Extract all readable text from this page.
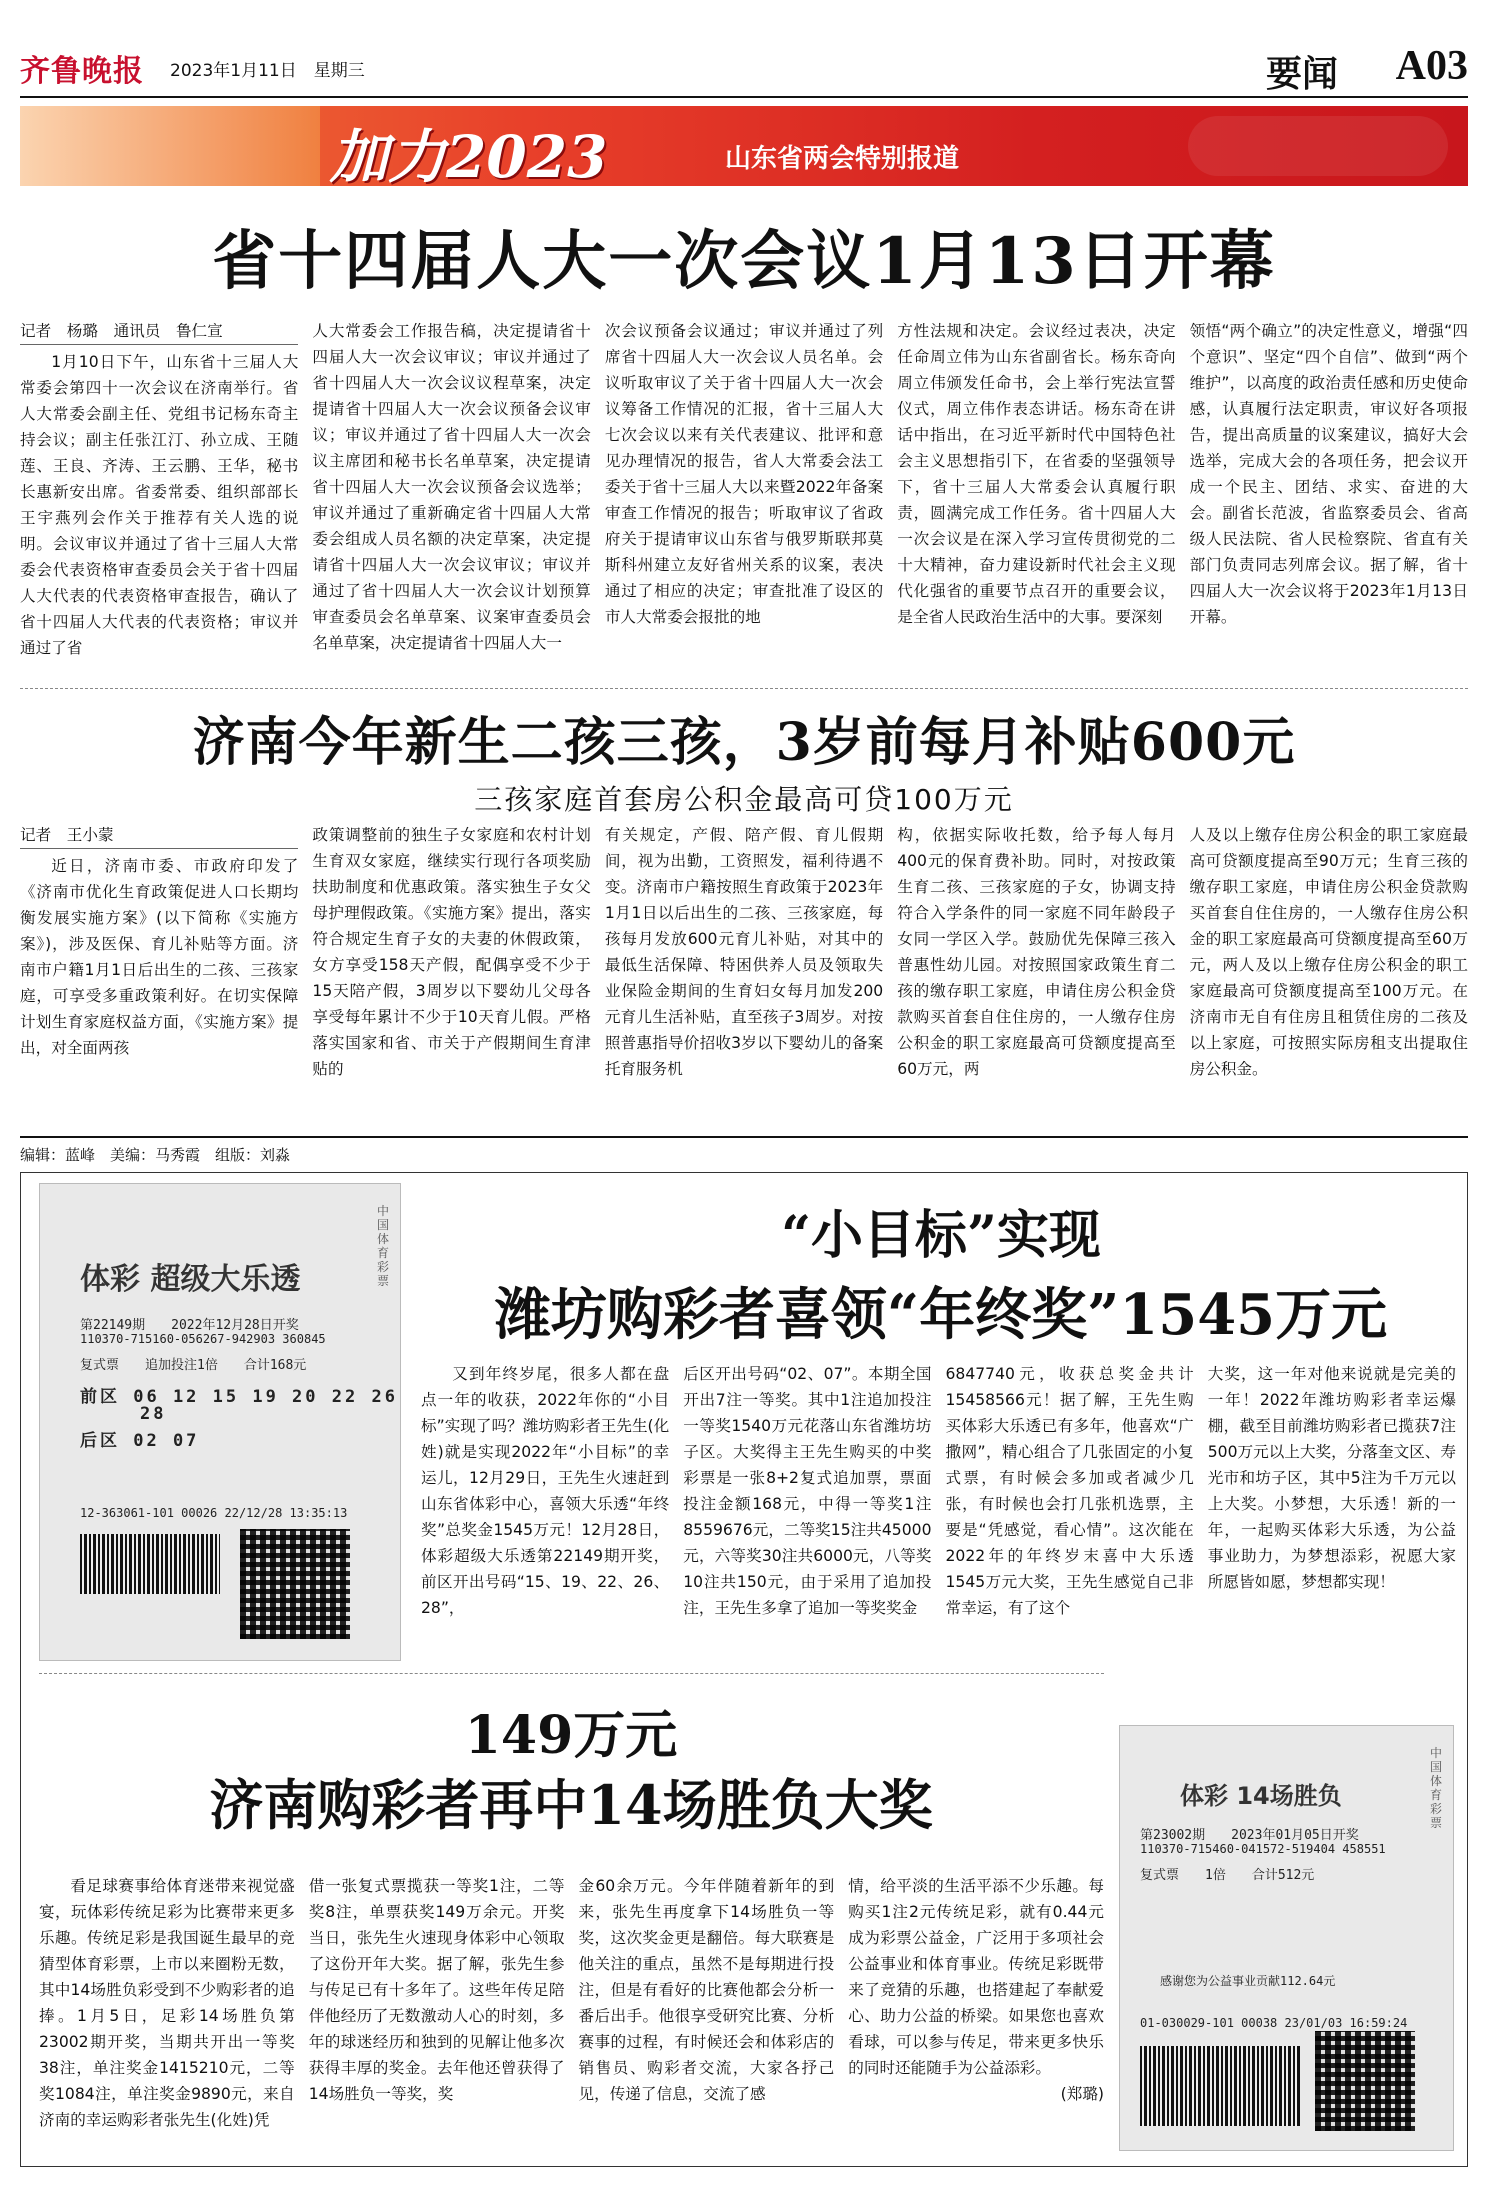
齐鲁晚报 2023年1月11日　星期三	要闻 A03
加力2023	山东省两会特别报道
省十四届人大一次会议1月13日开幕
记者　杨璐　通讯员　鲁仁宣

1月10日下午，山东省十三届人大常委会第四十一次会议在济南举行。省人大常委会副主任、党组书记杨东奇主持会议；副主任张江汀、孙立成、王随莲、王良、齐涛、王云鹏、王华，秘书长惠新安出席。省委常委、组织部部长王宇燕列会作关于推荐有关人选的说明。会议审议并通过了省十三届人大常委会代表资格审查委员会关于省十四届人大代表的代表资格审查报告，确认了省十四届人大代表的代表资格；审议并通过了省

人大常委会工作报告稿，决定提请省十四届人大一次会议审议；审议并通过了省十四届人大一次会议议程草案，决定提请省十四届人大一次会议预备会议审议；审议并通过了省十四届人大一次会议主席团和秘书长名单草案，决定提请省十四届人大一次会议预备会议选举；审议并通过了重新确定省十四届人大常委会组成人员名额的决定草案，决定提请省十四届人大一次会议审议；审议并通过了省十四届人大一次会议计划预算审查委员会名单草案、议案审查委员会名单草案，决定提请省十四届人大一

次会议预备会议通过；审议并通过了列席省十四届人大一次会议人员名单。会议听取审议了关于省十四届人大一次会议筹备工作情况的汇报，省十三届人大七次会议以来有关代表建议、批评和意见办理情况的报告，省人大常委会法工委关于省十三届人大以来暨2022年备案审查工作情况的报告；听取审议了省政府关于提请审议山东省与俄罗斯联邦莫斯科州建立友好省州关系的议案，表决通过了相应的决定；审查批准了设区的市人大常委会报批的地

方性法规和决定。会议经过表决，决定任命周立伟为山东省副省长。杨东奇向周立伟颁发任命书，会上举行宪法宣誓仪式，周立伟作表态讲话。杨东奇在讲话中指出，在习近平新时代中国特色社会主义思想指引下，在省委的坚强领导下，省十三届人大常委会认真履行职责，圆满完成工作任务。省十四届人大一次会议是在深入学习宣传贯彻党的二十大精神，奋力建设新时代社会主义现代化强省的重要节点召开的重要会议，是全省人民政治生活中的大事。要深刻

领悟“两个确立”的决定性意义，增强“四个意识”、坚定“四个自信”、做到“两个维护”，以高度的政治责任感和历史使命感，认真履行法定职责，审议好各项报告，提出高质量的议案建议，搞好大会选举，完成大会的各项任务，把会议开成一个民主、团结、求实、奋进的大会。副省长范波，省监察委员会、省高级人民法院、省人民检察院、省直有关部门负责同志列席会议。据了解，省十四届人大一次会议将于2023年1月13日开幕。

济南今年新生二孩三孩，3岁前每月补贴600元
三孩家庭首套房公积金最高可贷100万元
记者　王小蒙

近日，济南市委、市政府印发了《济南市优化生育政策促进人口长期均衡发展实施方案》(以下简称《实施方案》)，涉及医保、育儿补贴等方面。济南市户籍1月1日后出生的二孩、三孩家庭，可享受多重政策利好。在切实保障计划生育家庭权益方面，《实施方案》提出，对全面两孩

政策调整前的独生子女家庭和农村计划生育双女家庭，继续实行现行各项奖励扶助制度和优惠政策。落实独生子女父母护理假政策。《实施方案》提出，落实符合规定生育子女的夫妻的休假政策，女方享受158天产假，配偶享受不少于15天陪产假，3周岁以下婴幼儿父母各享受每年累计不少于10天育儿假。严格落实国家和省、市关于产假期间生育津贴的

有关规定，产假、陪产假、育儿假期间，视为出勤，工资照发，福利待遇不变。济南市户籍按照生育政策于2023年1月1日以后出生的二孩、三孩家庭，每孩每月发放600元育儿补贴，对其中的最低生活保障、特困供养人员及领取失业保险金期间的生育妇女每月加发200元育儿生活补贴，直至孩子3周岁。对按照普惠指导价招收3岁以下婴幼儿的备案托育服务机

构，依据实际收托数，给予每人每月400元的保育费补助。同时，对按政策生育二孩、三孩家庭的子女，协调支持符合入学条件的同一家庭不同年龄段子女同一学区入学。鼓励优先保障三孩入普惠性幼儿园。对按照国家政策生育二孩的缴存职工家庭，申请住房公积金贷款购买首套自住住房的，一人缴存住房公积金的职工家庭最高可贷额度提高至60万元，两

人及以上缴存住房公积金的职工家庭最高可贷额度提高至90万元；生育三孩的缴存职工家庭，申请住房公积金贷款购买首套自住住房的，一人缴存住房公积金的职工家庭最高可贷额度提高至60万元，两人及以上缴存住房公积金的职工家庭最高可贷额度提高至100万元。在济南市无自有住房且租赁住房的二孩及以上家庭，可按照实际房租支出提取住房公积金。

编辑：蓝峰　美编：马秀霞　组版：刘淼
体彩 超级大乐透
第22149期　　2022年12月28日开奖
110370-715160-056267-942903 360845
复式票　　追加投注1倍　　合计168元
前区 06 12 15 19 20 22 26
28
后区 02 07
12-363061-101 00026 22/12/28 13:35:13
中国体育彩票
“小目标”实现
潍坊购彩者喜领“年终奖”1545万元

又到年终岁尾，很多人都在盘点一年的收获，2022年你的“小目标”实现了吗？潍坊购彩者王先生(化姓)就是实现2022年“小目标”的幸运儿，12月29日，王先生火速赶到山东省体彩中心，喜领大乐透“年终奖”总奖金1545万元！12月28日，体彩超级大乐透第22149期开奖，前区开出号码“15、19、22、26、28”，

后区开出号码“02、07”。本期全国开出7注一等奖。其中1注追加投注一等奖1540万元花落山东省潍坊坊子区。大奖得主王先生购买的中奖彩票是一张8+2复式追加票，票面投注金额168元，中得一等奖1注8559676元，二等奖15注共45000元，六等奖30注共6000元，八等奖10注共150元，由于采用了追加投注，王先生多拿了追加一等奖奖金

6847740元，收获总奖金共计15458566元！据了解，王先生购买体彩大乐透已有多年，他喜欢“广撒网”，精心组合了几张固定的小复式票，有时候会多加或者减少几张，有时候也会打几张机选票，主要是“凭感觉，看心情”。这次能在2022年的年终岁末喜中大乐透1545万元大奖，王先生感觉自己非常幸运，有了这个

大奖，这一年对他来说就是完美的一年！2022年潍坊购彩者幸运爆棚，截至目前潍坊购彩者已揽获7注500万元以上大奖，分落奎文区、寿光市和坊子区，其中5注为千万元以上大奖。小梦想，大乐透！新的一年，一起购买体彩大乐透，为公益事业助力，为梦想添彩，祝愿大家所愿皆如愿，梦想都实现！

149万元
济南购彩者再中14场胜负大奖

看足球赛事给体育迷带来视觉盛宴，玩体彩传统足彩为比赛带来更多乐趣。传统足彩是我国诞生最早的竞猜型体育彩票，上市以来圈粉无数，其中14场胜负彩受到不少购彩者的追捧。1月5日，足彩14场胜负第23002期开奖，当期共开出一等奖38注，单注奖金1415210元，二等奖1084注，单注奖金9890元，来自济南的幸运购彩者张先生(化姓)凭

借一张复式票揽获一等奖1注，二等奖8注，单票获奖149万余元。开奖当日，张先生火速现身体彩中心领取了这份开年大奖。据了解，张先生参与传足已有十多年了。这些年传足陪伴他经历了无数激动人心的时刻，多年的球迷经历和独到的见解让他多次获得丰厚的奖金。去年他还曾获得了14场胜负一等奖，奖

金60余万元。今年伴随着新年的到来，张先生再度拿下14场胜负一等奖，这次奖金更是翻倍。每大联赛是他关注的重点，虽然不是每期进行投注，但是有看好的比赛他都会分析一番后出手。他很享受研究比赛、分析赛事的过程，有时候还会和体彩店的销售员、购彩者交流，大家各抒己见，传递了信息，交流了感

情，给平淡的生活平添不少乐趣。每购买1注2元传统足彩，就有0.44元成为彩票公益金，广泛用于多项社会公益事业和体育事业。传统足彩既带来了竞猜的乐趣，也搭建起了奉献爱心、助力公益的桥梁。如果您也喜欢看球，可以参与传足，带来更多快乐的同时还能随手为公益添彩。

(郑璐)

体彩 14场胜负
第23002期　　2023年01月05日开奖
110370-715460-041572-519404 458551
复式票　　1倍　　合计512元
感谢您为公益事业贡献112.64元
01-030029-101 00038 23/01/03 16:59:24
中国体育彩票
